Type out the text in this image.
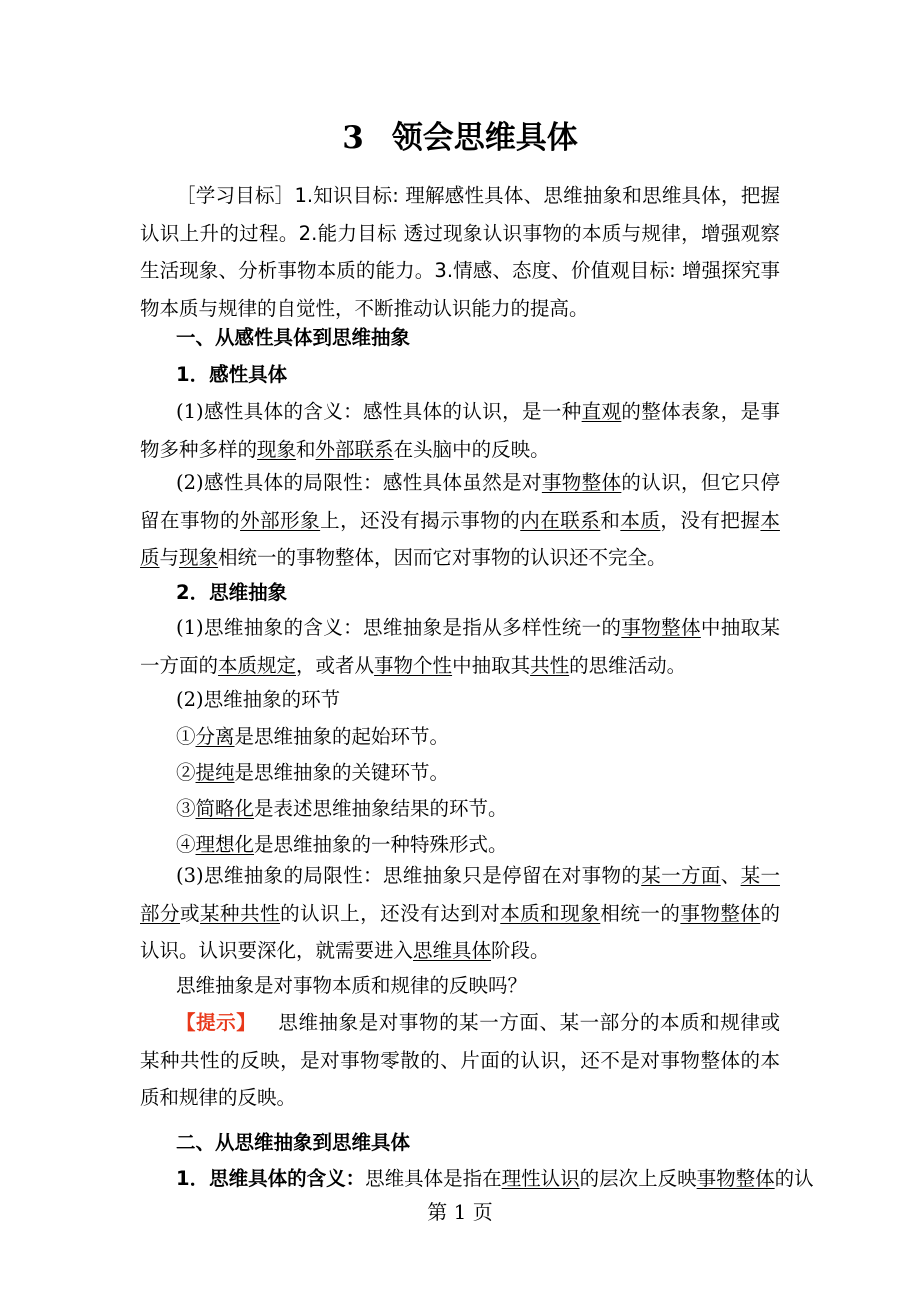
3 领会思维具体
［学习目标］1.知识目标: 理解感性具体、思维抽象和思维具体，把握认识上升的过程。2.能力目标 透过现象认识事物的本质与规律，增强观察生活现象、分析事物本质的能力。3.情感、态度、价值观目标: 增强探究事物本质与规律的自觉性，不断推动认识能力的提高。
一、从感性具体到思维抽象
1．感性具体
(1)感性具体的含义：感性具体的认识，是一种直观的整体表象，是事物多种多样的现象和外部联系在头脑中的反映。
(2)感性具体的局限性：感性具体虽然是对事物整体的认识，但它只停留在事物的外部形象上，还没有揭示事物的内在联系和本质，没有把握本质与现象相统一的事物整体，因而它对事物的认识还不完全。
2．思维抽象
(1)思维抽象的含义：思维抽象是指从多样性统一的事物整体中抽取某一方面的本质规定，或者从事物个性中抽取其共性的思维活动。
(2)思维抽象的环节
①分离是思维抽象的起始环节。
②提纯是思维抽象的关键环节。
③简略化是表述思维抽象结果的环节。
④理想化是思维抽象的一种特殊形式。
(3)思维抽象的局限性：思维抽象只是停留在对事物的某一方面、某一部分或某种共性的认识上，还没有达到对本质和现象相统一的事物整体的认识。认识要深化，就需要进入思维具体阶段。
思维抽象是对事物本质和规律的反映吗？
【提示】 思维抽象是对事物的某一方面、某一部分的本质和规律或某种共性的反映，是对事物零散的、片面的认识，还不是对事物整体的本质和规律的反映。
二、从思维抽象到思维具体
1．思维具体的含义：思维具体是指在理性认识的层次上反映事物整体的认
第 1 页
